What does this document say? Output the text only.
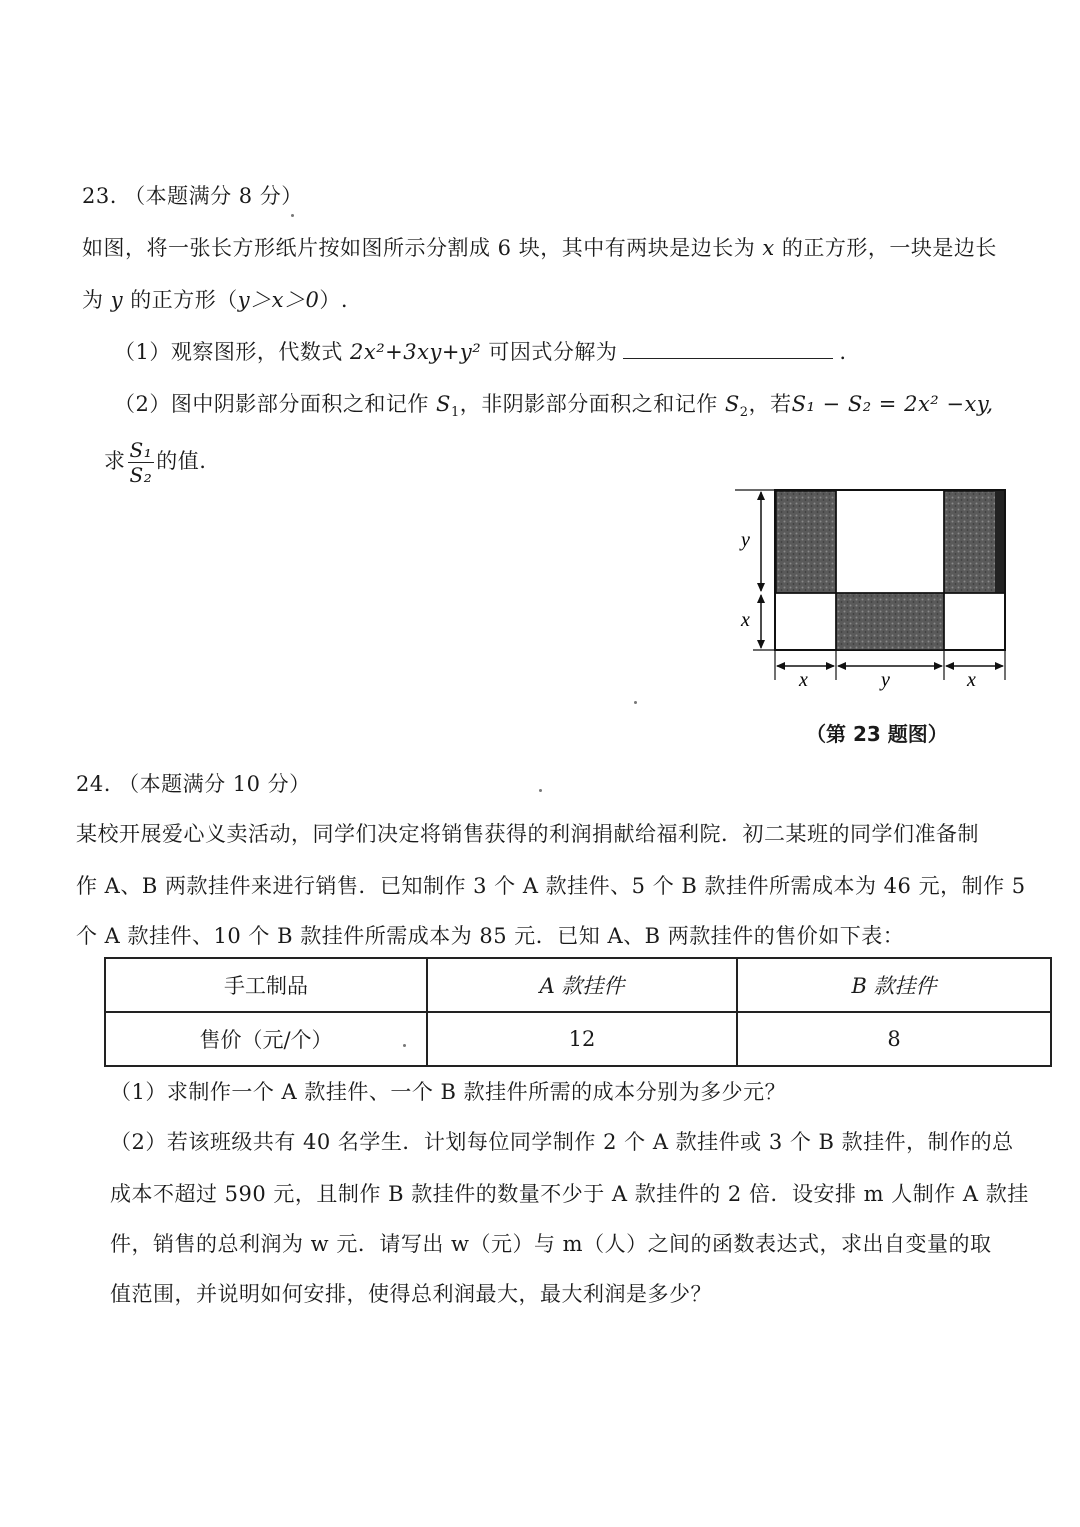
23. （本题满分 8 分）
如图，将一张长方形纸片按如图所示分割成 6 块，其中有两块是边长为 x 的正方形，一块是边长
为 y 的正方形（y＞x＞0）.
（1）观察图形，代数式 2x²+3xy+y² 可因式分解为	.
（2）图中阴影部分面积之和记作 $S_1$，非阴影部分面积之和记作 $S_2$，若S₁ − S₂ = 2x² −xy,
求 $\frac{\text{S₁}}{\text{S₂}}$ 的值.
y
x
x	y	x
（第 23 题图）
24. （本题满分 10 分）
某校开展爱心义卖活动，同学们决定将销售获得的利润捐献给福利院．初二某班的同学们准备制
作 A、B 两款挂件来进行销售．已知制作 3 个 A 款挂件、5 个 B 款挂件所需成本为 46 元，制作 5
个 A 款挂件、10 个 B 款挂件所需成本为 85 元．已知 A、B 两款挂件的售价如下表：
手工制品	A 款挂件	B 款挂件
售价（元/个）	12	8
（1）求制作一个 A 款挂件、一个 B 款挂件所需的成本分别为多少元？
（2）若该班级共有 40 名学生．计划每位同学制作 2 个 A 款挂件或 3 个 B 款挂件，制作的总
成本不超过 590 元，且制作 B 款挂件的数量不少于 A 款挂件的 2 倍．设安排 m 人制作 A 款挂
件，销售的总利润为 w 元．请写出 w（元）与 m（人）之间的函数表达式，求出自变量的取
值范围，并说明如何安排，使得总利润最大，最大利润是多少？
